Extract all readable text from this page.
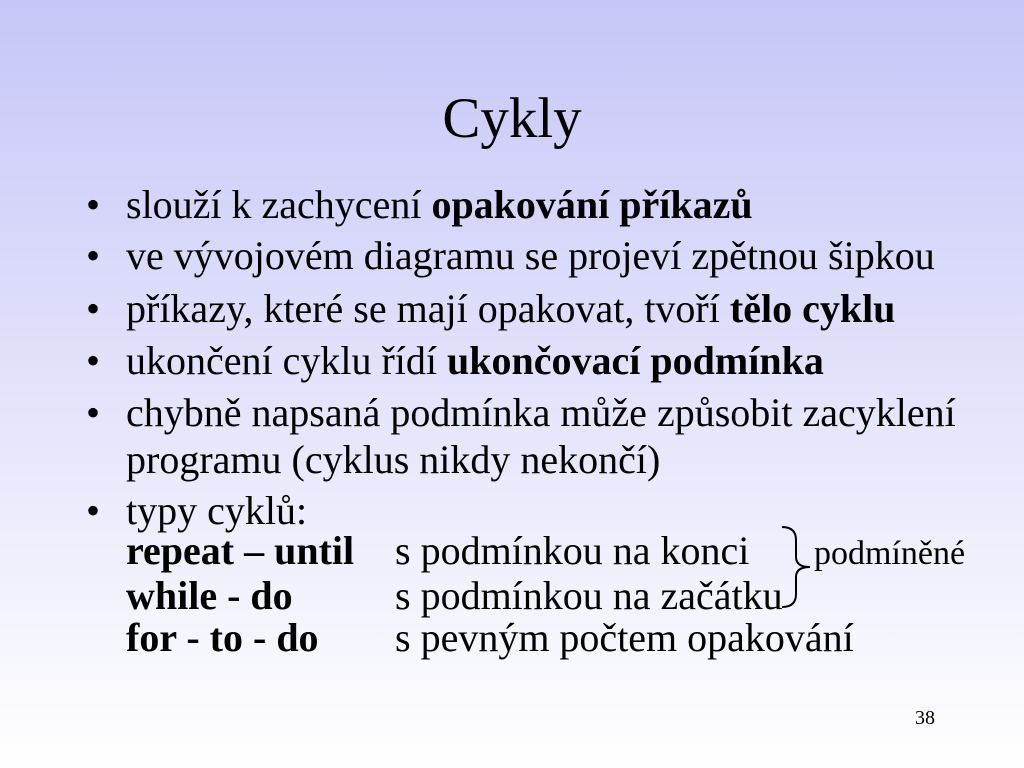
Cykly
• slouží k zachycení opakování příkazů
• ve vývojovém diagramu se projeví zpětnou šipkou
• příkazy, které se mají opakovat, tvoří tělo cyklu
• ukončení cyklu řídí ukončovací podmínka
• chybně napsaná podmínka může způsobit zacyklení
programu (cyklus nikdy nekončí)
• typy cyklů:
repeat – until s podmínkou na konci
while - do	s podmínkou na začátku
for - to - do s pevným počtem opakování
podmíněné
38
